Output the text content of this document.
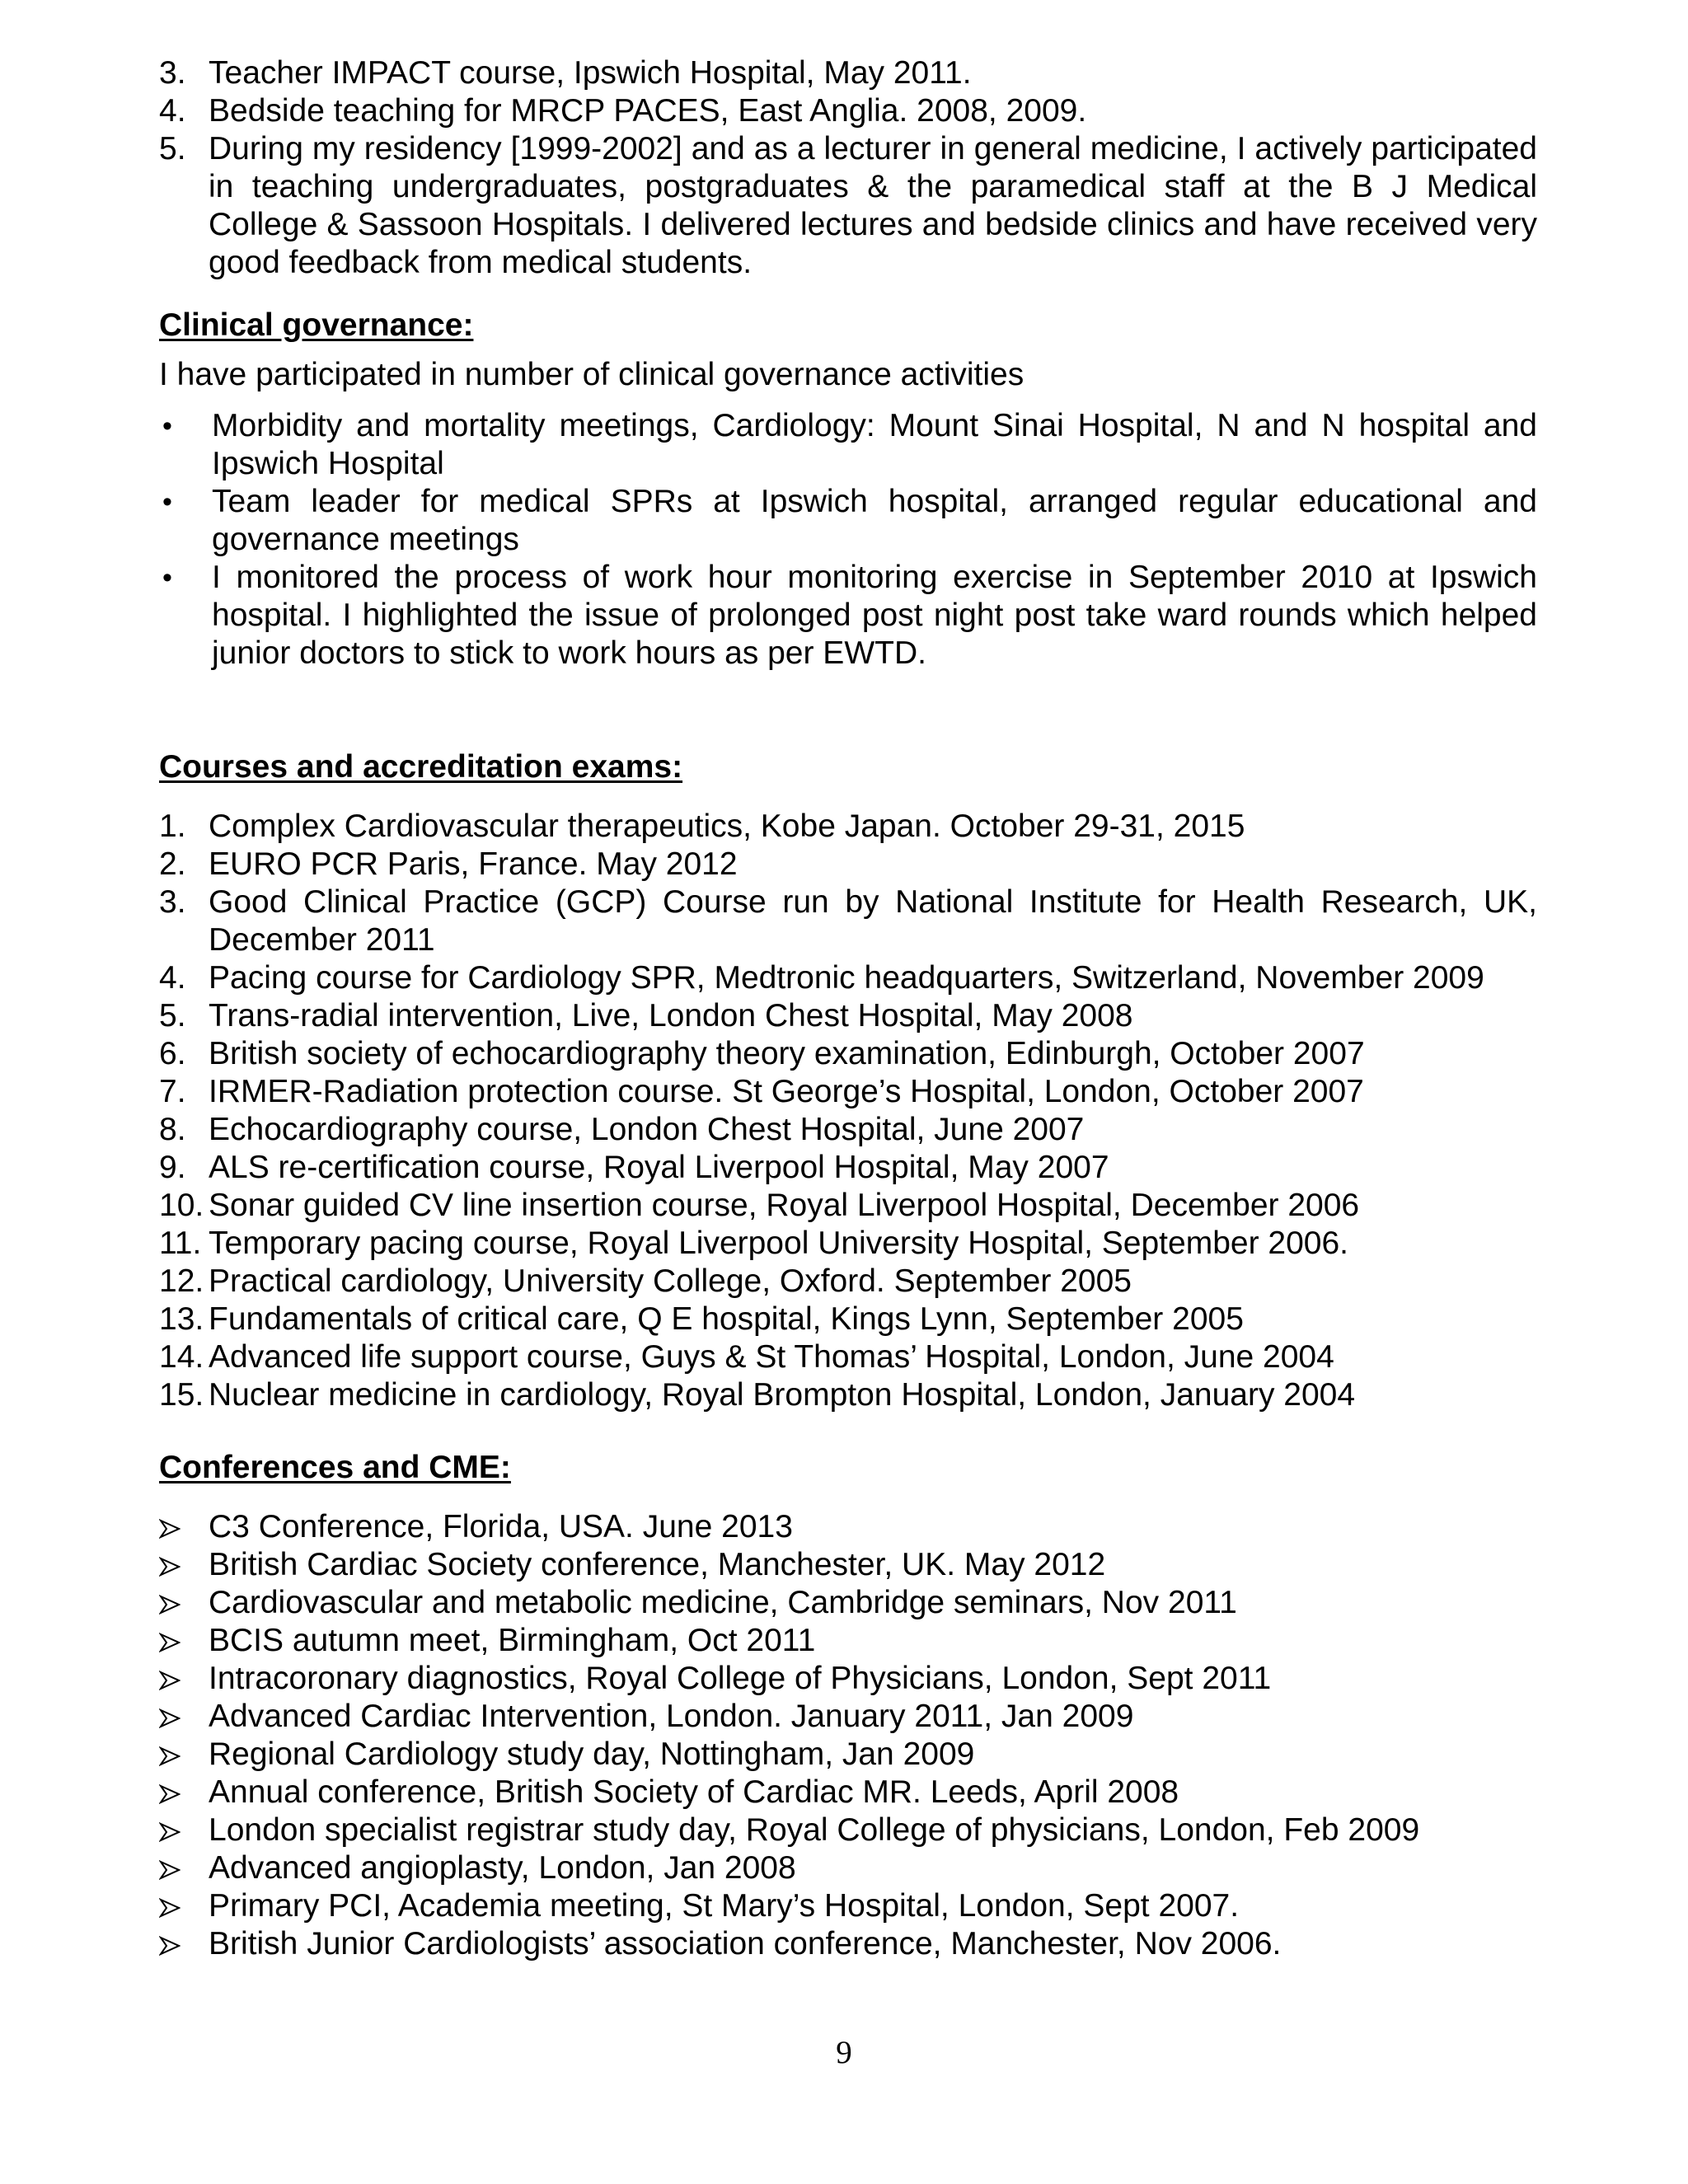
3. Teacher IMPACT course, Ipswich Hospital, May 2011.
4. Bedside teaching for MRCP PACES, East Anglia. 2008, 2009.
5. During my residency [1999-2002] and as a lecturer in general medicine, I actively participated in teaching undergraduates, postgraduates & the paramedical staff at the B J Medical College & Sassoon Hospitals. I delivered lectures and bedside clinics and have received very good feedback from medical students.
Clinical governance:

I have participated in number of clinical governance activities

•	Morbidity and mortality meetings, Cardiology: Mount Sinai Hospital, N and N hospital and Ipswich Hospital
•	Team leader for medical SPRs at Ipswich hospital, arranged regular educational and governance meetings
•	I monitored the process of work hour monitoring exercise in September 2010 at Ipswich hospital. I highlighted the issue of prolonged post night post take ward rounds which helped junior doctors to stick to work hours as per EWTD.
Courses and accreditation exams:
1. Complex Cardiovascular therapeutics, Kobe Japan. October 29-31, 2015
2. EURO PCR Paris, France. May 2012
3. Good Clinical Practice (GCP) Course run by National Institute for Health Research, UK, December 2011
4. Pacing course for Cardiology SPR, Medtronic headquarters, Switzerland, November 2009
5. Trans-radial intervention, Live, London Chest Hospital, May 2008
6. British society of echocardiography theory examination, Edinburgh, October 2007
7. IRMER-Radiation protection course. St George’s Hospital, London, October 2007
8. Echocardiography course, London Chest Hospital, June 2007
9. ALS re-certification course, Royal Liverpool Hospital, May 2007
10. Sonar guided CV line insertion course, Royal Liverpool Hospital, December 2006
11. Temporary pacing course, Royal Liverpool University Hospital, September 2006.
12. Practical cardiology, University College, Oxford. September 2005
13. Fundamentals of critical care, Q E hospital, Kings Lynn, September 2005
14. Advanced life support course, Guys & St Thomas’ Hospital, London, June 2004
15. Nuclear medicine in cardiology, Royal Brompton Hospital, London, January 2004
Conferences and CME:
C3 Conference, Florida, USA. June 2013
British Cardiac Society conference, Manchester, UK. May 2012
Cardiovascular and metabolic medicine, Cambridge seminars, Nov 2011
BCIS autumn meet, Birmingham, Oct 2011
Intracoronary diagnostics, Royal College of Physicians, London, Sept 2011
Advanced Cardiac Intervention, London. January 2011, Jan 2009
Regional Cardiology study day, Nottingham, Jan 2009
Annual conference, British Society of Cardiac MR. Leeds, April 2008
London specialist registrar study day, Royal College of physicians, London, Feb 2009
Advanced angioplasty, London, Jan 2008
Primary PCI, Academia meeting, St Mary’s Hospital, London, Sept 2007.
British Junior Cardiologists’ association conference, Manchester, Nov 2006.
9
